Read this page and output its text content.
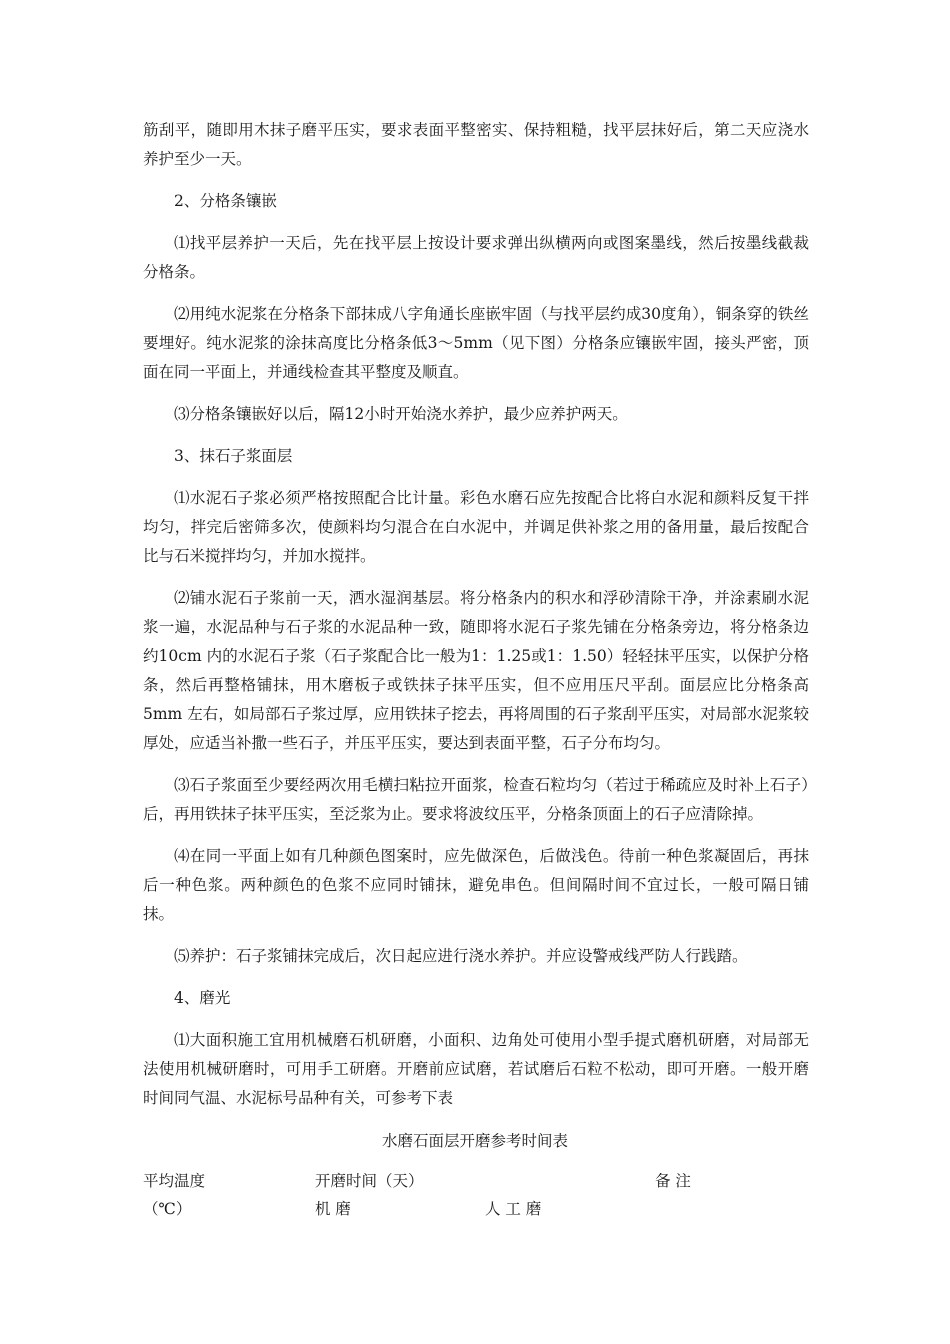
筋刮平，随即用木抹子磨平压实，要求表面平整密实、保持粗糙，找平层抹好后，第二天应浇水养护至少一天。

2、分格条镶嵌

⑴找平层养护一天后，先在找平层上按设计要求弹出纵横两向或图案墨线，然后按墨线截裁分格条。

⑵用纯水泥浆在分格条下部抹成八字角通长座嵌牢固（与找平层约成30度角），铜条穿的铁丝要埋好。纯水泥浆的涂抹高度比分格条低3～5mm（见下图）分格条应镶嵌牢固，接头严密，顶面在同一平面上，并通线检查其平整度及顺直。

⑶分格条镶嵌好以后，隔12小时开始浇水养护，最少应养护两天。

3、抹石子浆面层

⑴水泥石子浆必须严格按照配合比计量。彩色水磨石应先按配合比将白水泥和颜料反复干拌均匀，拌完后密筛多次，使颜料均匀混合在白水泥中，并调足供补浆之用的备用量，最后按配合比与石米搅拌均匀，并加水搅拌。

⑵铺水泥石子浆前一天，洒水湿润基层。将分格条内的积水和浮砂清除干净，并涂素刷水泥浆一遍，水泥品种与石子浆的水泥品种一致，随即将水泥石子浆先铺在分格条旁边，将分格条边约10cm 内的水泥石子浆（石子浆配合比一般为1：1.25或1：1.50）轻轻抹平压实，以保护分格条，然后再整格铺抹，用木磨板子或铁抹子抹平压实，但不应用压尺平刮。面层应比分格条高5mm 左右，如局部石子浆过厚，应用铁抹子挖去，再将周围的石子浆刮平压实，对局部水泥浆较厚处，应适当补撒一些石子，并压平压实，要达到表面平整，石子分布均匀。

⑶石子浆面至少要经两次用毛横扫粘拉开面浆，检查石粒均匀（若过于稀疏应及时补上石子）后，再用铁抹子抹平压实，至泛浆为止。要求将波纹压平，分格条顶面上的石子应清除掉。

⑷在同一平面上如有几种颜色图案时，应先做深色，后做浅色。待前一种色浆凝固后，再抹后一种色浆。两种颜色的色浆不应同时铺抹，避免串色。但间隔时间不宜过长，一般可隔日铺抹。

⑸养护：石子浆铺抹完成后，次日起应进行浇水养护。并应设警戒线严防人行践踏。

4、磨光

⑴大面积施工宜用机械磨石机研磨，小面积、边角处可使用小型手提式磨机研磨，对局部无法使用机械研磨时，可用手工研磨。开磨前应试磨，若试磨后石粒不松动，即可开磨。一般开磨时间同气温、水泥标号品种有关，可参考下表

水磨石面层开磨参考时间表
平均温度	开磨时间（天）	备 注
（℃）	机 磨	人 工 磨
